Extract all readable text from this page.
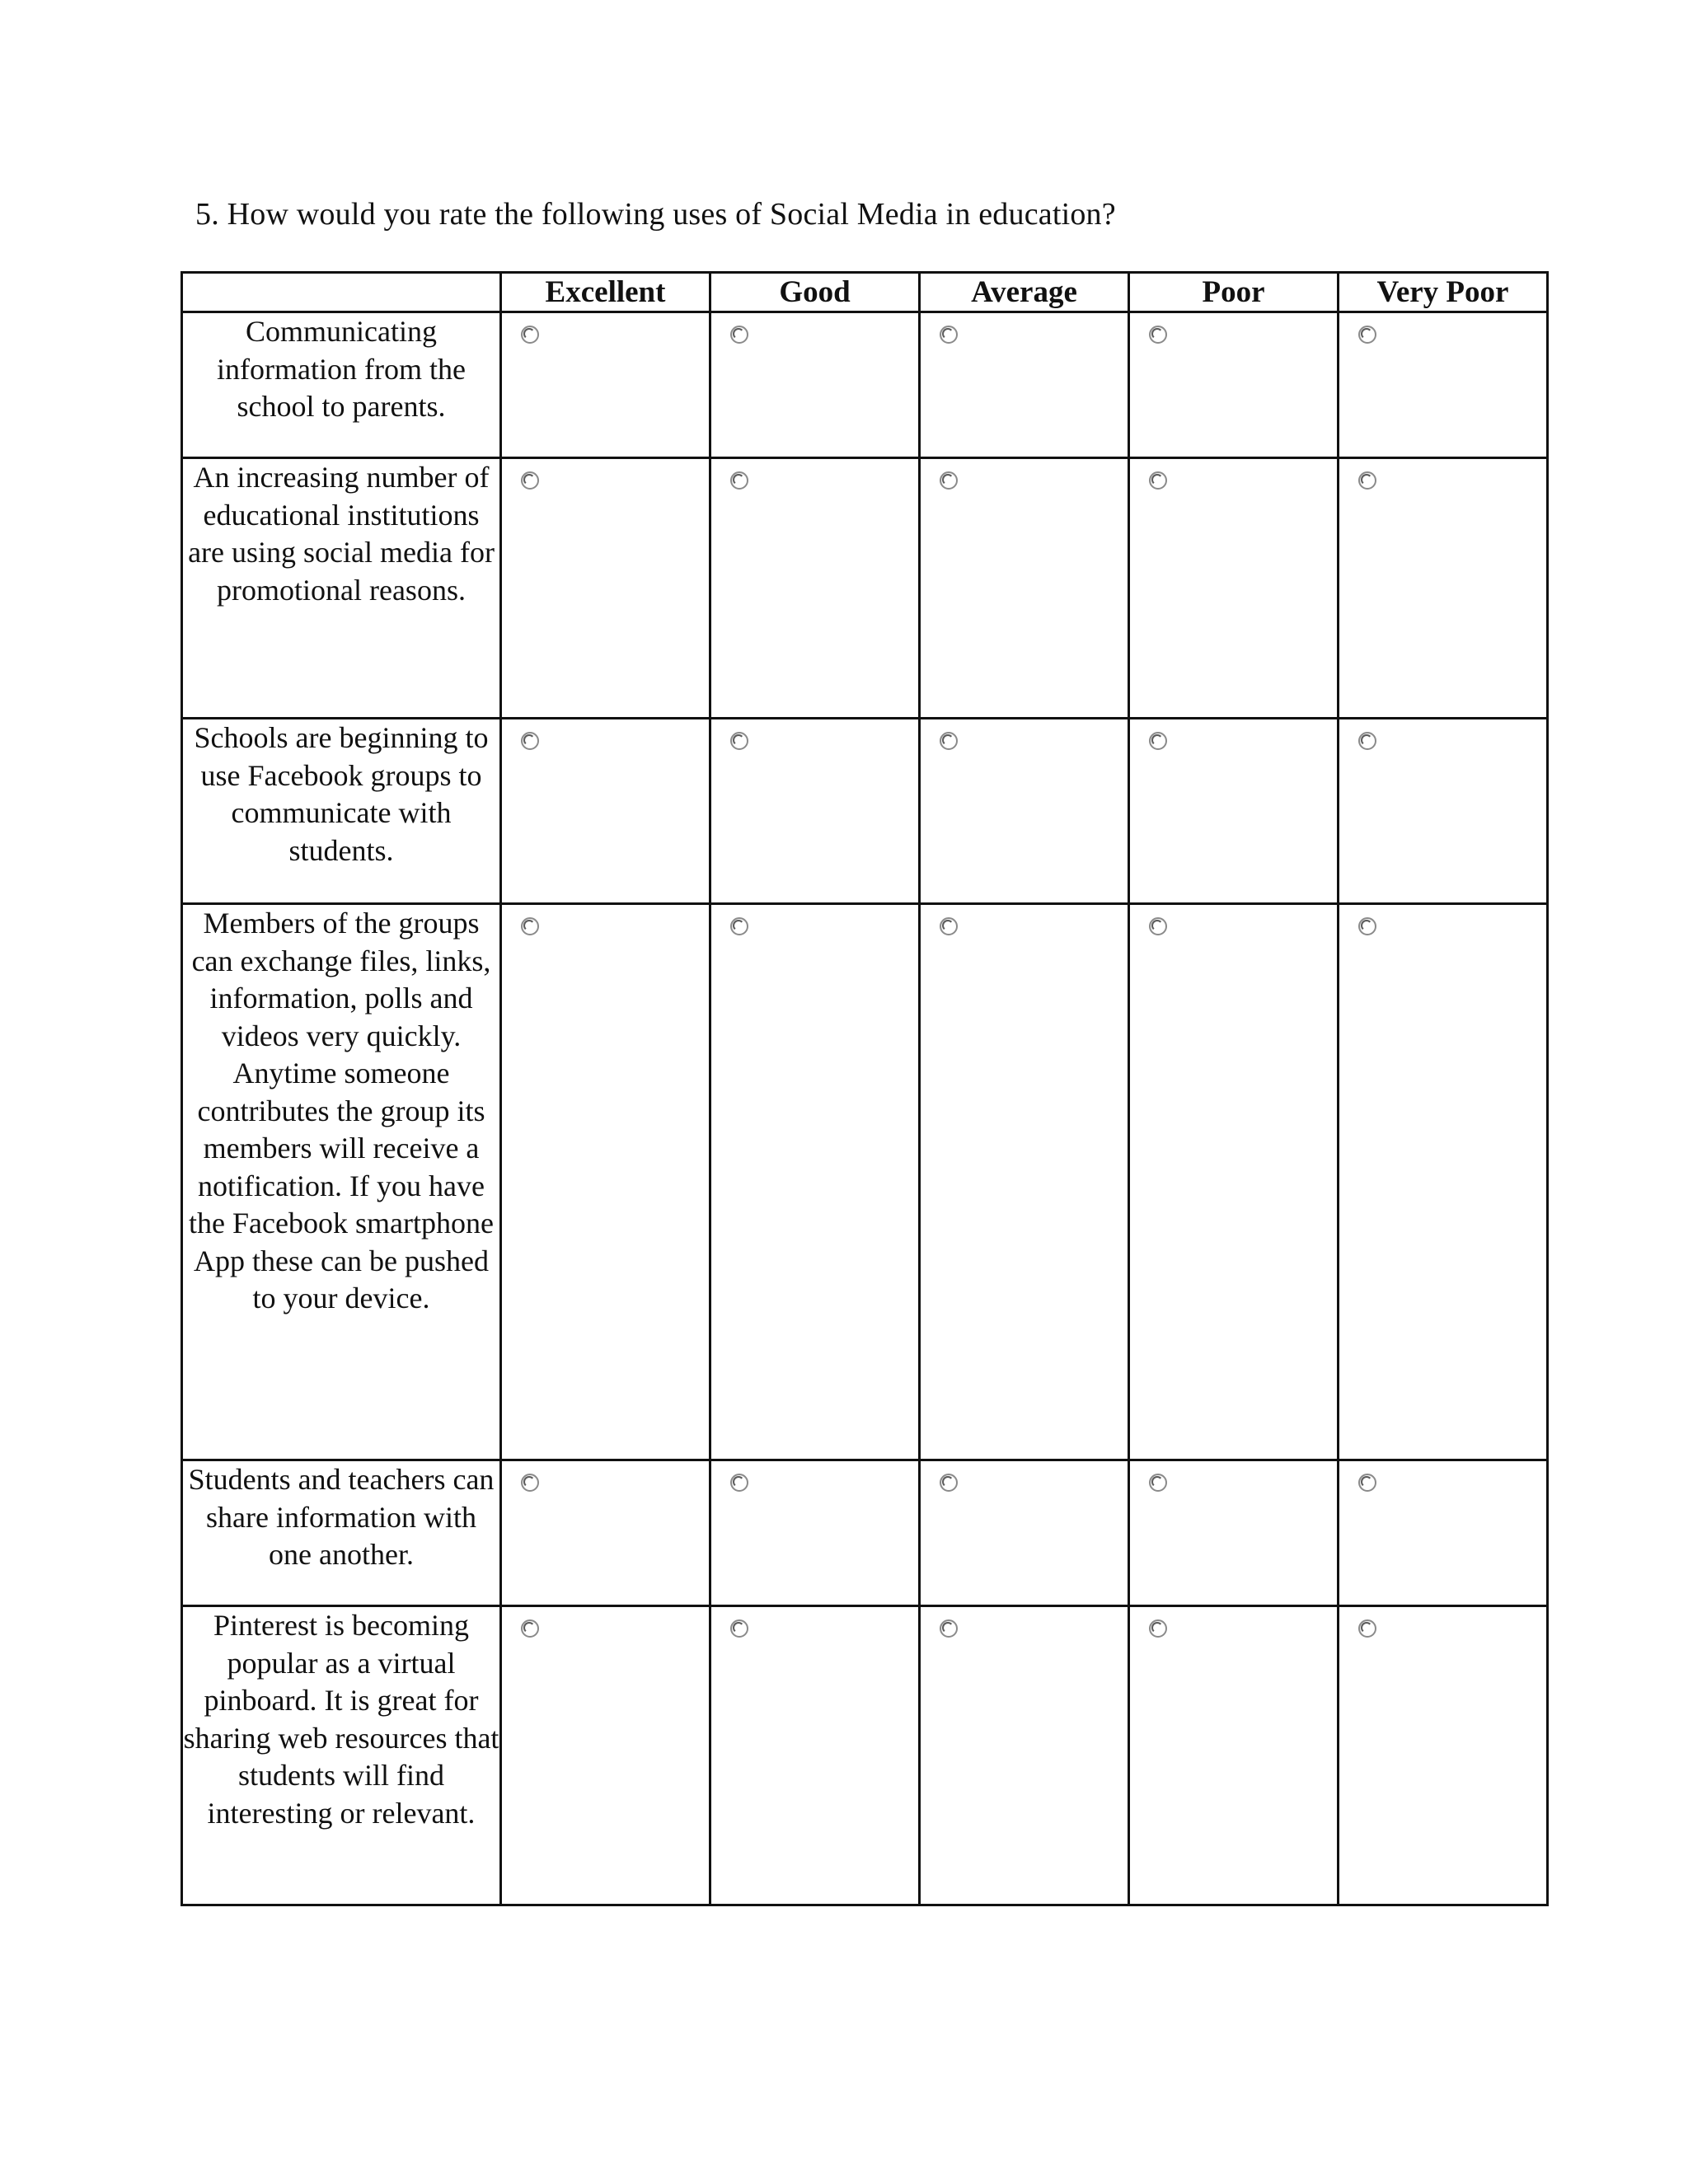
5. How would you rate the following uses of Social Media in education?
	Excellent	Good	Average	Poor	Very Poor
Communicating information from the school to parents.	

An increasing number of educational institutions are using social media for promotional reasons.	

Schools are beginning to use Facebook groups to communicate with students.	

Members of the groups can exchange files, links, information, polls and videos very quickly. Anytime someone contributes the group its members will receive a notification. If you have the Facebook smartphone App these can be pushed to your device.	

Students and teachers can share information with one another.	

Pinterest is becoming popular as a virtual pinboard. It is great for sharing web resources that students will find interesting or relevant.	
